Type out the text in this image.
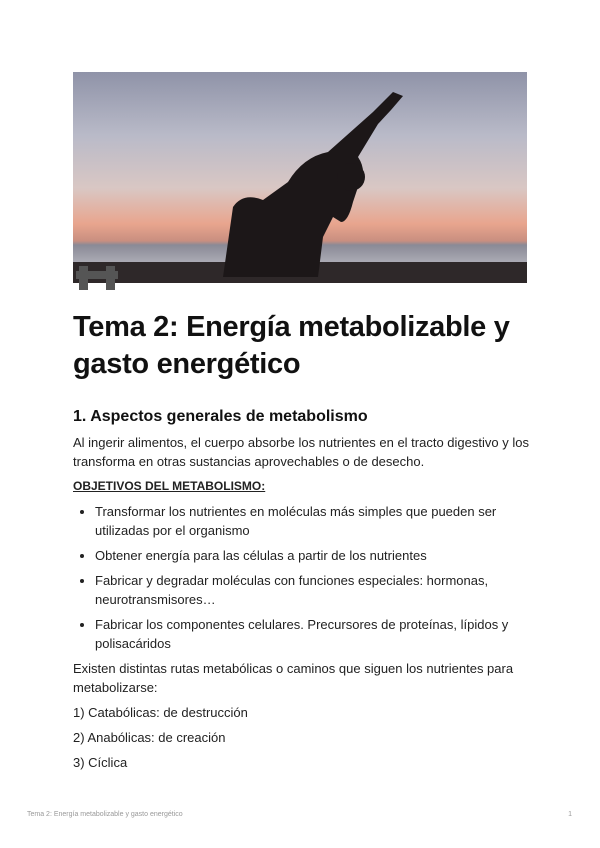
Tema 2: Energía metabolizable y gasto energético
1. Aspectos generales de metabolismo

Al ingerir alimentos, el cuerpo absorbe los nutrientes en el tracto digestivo y los transforma en otras sustancias aprovechables o de desecho.

OBJETIVOS DEL METABOLISMO:

• Transformar los nutrientes en moléculas más simples que pueden ser utilizadas por el organismo
• Obtener energía para las células a partir de los nutrientes
• Fabricar y degradar moléculas con funciones especiales: hormonas, neurotransmisores…
• Fabricar los componentes celulares. Precursores de proteínas, lípidos y polisacáridos

Existen distintas rutas metabólicas o caminos que siguen los nutrientes para metabolizarse:

1) Catabólicas: de destrucción

2) Anabólicas: de creación

3) Cíclica

Tema 2: Energía metabolizable y gasto energético	1
